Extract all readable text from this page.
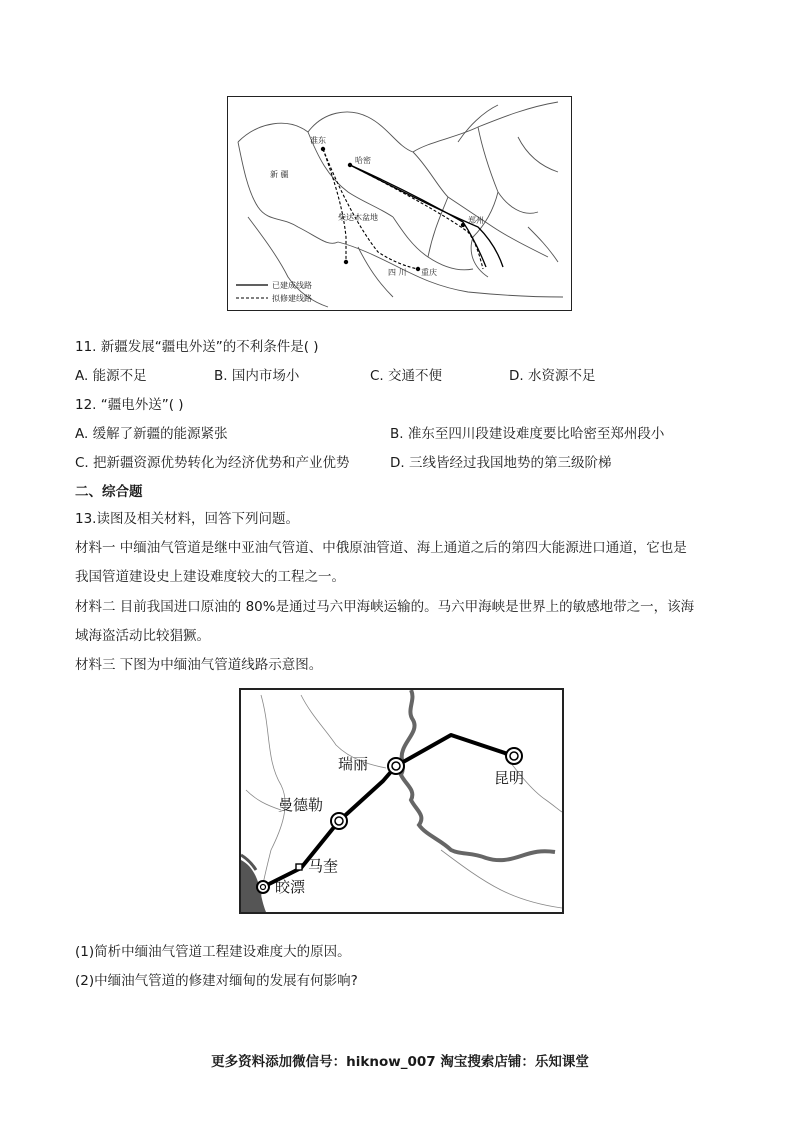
准东
哈密
新 疆
柴达木盆地	郑州
四 川 重庆
已建成线路
拟修建线路
11. 新疆发展“疆电外送”的不利条件是( )
A. 能源不足	B. 国内市场小	C. 交通不便	D. 水资源不足
12. “疆电外送”( )
A. 缓解了新疆的能源紧张	B. 准东至四川段建设难度要比哈密至郑州段小
C. 把新疆资源优势转化为经济优势和产业优势	D. 三线皆经过我国地势的第三级阶梯
二、综合题
13.读图及相关材料，回答下列问题。
材料一 中缅油气管道是继中亚油气管道、中俄原油管道、海上通道之后的第四大能源进口通道，它也是
我国管道建设史上建设难度较大的工程之一。
材料二 目前我国进口原油的 80%是通过马六甲海峡运输的。马六甲海峡是世界上的敏感地带之一，该海
域海盗活动比较猖獗。
材料三 下图为中缅油气管道线路示意图。
瑞丽
昆明
曼德勒
马奎
皎漂
(1)简析中缅油气管道工程建设难度大的原因。
(2)中缅油气管道的修建对缅甸的发展有何影响?
更多资料添加微信号：hiknow_007 淘宝搜索店铺：乐知课堂
